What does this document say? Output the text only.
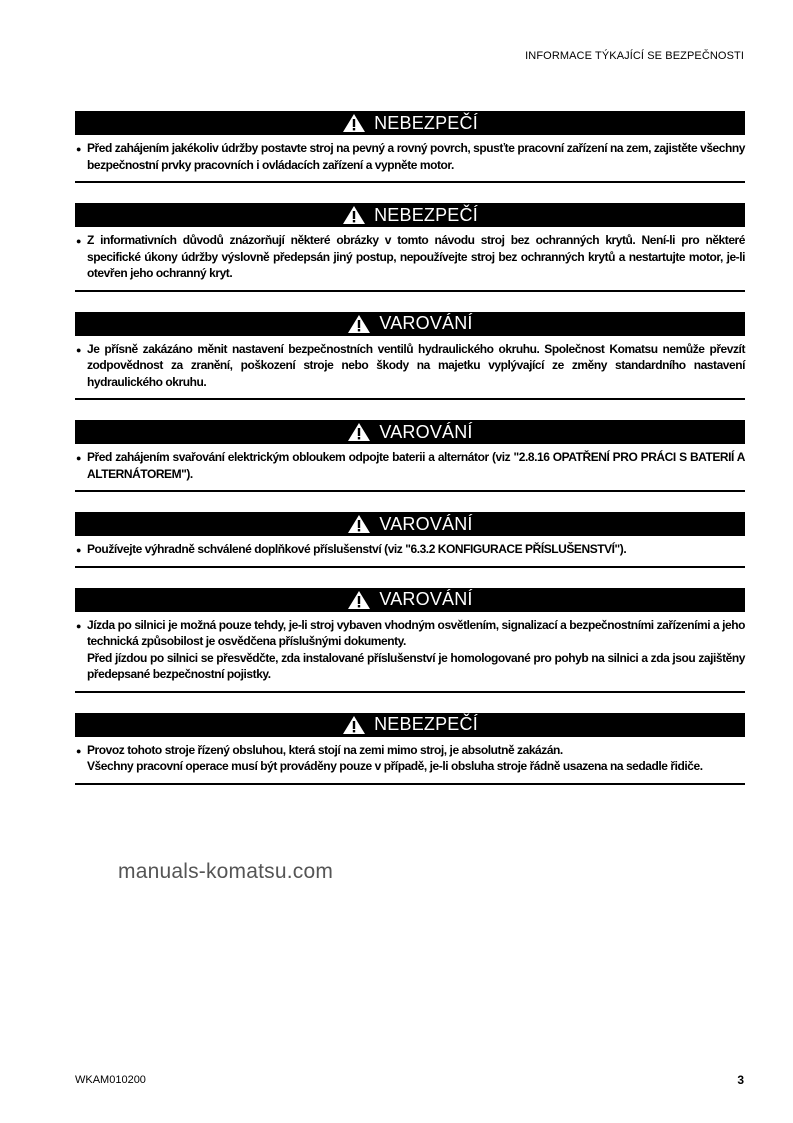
INFORMACE TÝKAJÍCÍ SE BEZPEČNOSTI
NEBEZPEČÍ
● Před zahájením jakékoliv údržby postavte stroj na pevný a rovný povrch, spusťte pracovní zařízení na zem, zajistěte všechny bezpečnostní prvky pracovních i ovládacích zařízení a vypněte motor.

NEBEZPEČÍ
● Z informativních důvodů znázorňují některé obrázky v tomto návodu stroj bez ochranných krytů. Není-li pro některé specifické úkony údržby výslovně předepsán jiný postup, nepoužívejte stroj bez ochranných krytů a nestartujte motor, je-li otevřen jeho ochranný kryt.

VAROVÁNÍ
● Je přísně zakázáno měnit nastavení bezpečnostních ventilů hydraulického okruhu. Společnost Komatsu nemůže převzít zodpovědnost za zranění, poškození stroje nebo škody na majetku vyplývající ze změny standardního nastavení hydraulického okruhu.

VAROVÁNÍ
● Před zahájením svařování elektrickým obloukem odpojte baterii a alternátor (viz "2.8.16 OPATŘENÍ PRO PRÁCI S BATERIÍ A ALTERNÁTOREM").

VAROVÁNÍ
● Používejte výhradně schválené doplňkové příslušenství (viz "6.3.2 KONFIGURACE PŘÍSLUŠENSTVÍ").

VAROVÁNÍ
● Jízda po silnici je možná pouze tehdy, je-li stroj vybaven vhodným osvětlením, signalizací a bezpečnostními zařízeními a jeho technická způsobilost je osvědčena příslušnými dokumenty.

Před jízdou po silnici se přesvědčte, zda instalované příslušenství je homologované pro pohyb na silnici a zda jsou zajištěny předepsané bezpečnostní pojistky.

NEBEZPEČÍ
● Provoz tohoto stroje řízený obsluhou, která stojí na zemi mimo stroj, je absolutně zakázán.

Všechny pracovní operace musí být prováděny pouze v případě, je-li obsluha stroje řádně usazena na sedadle řidiče.

manuals-komatsu.com
WKAM010200	3
